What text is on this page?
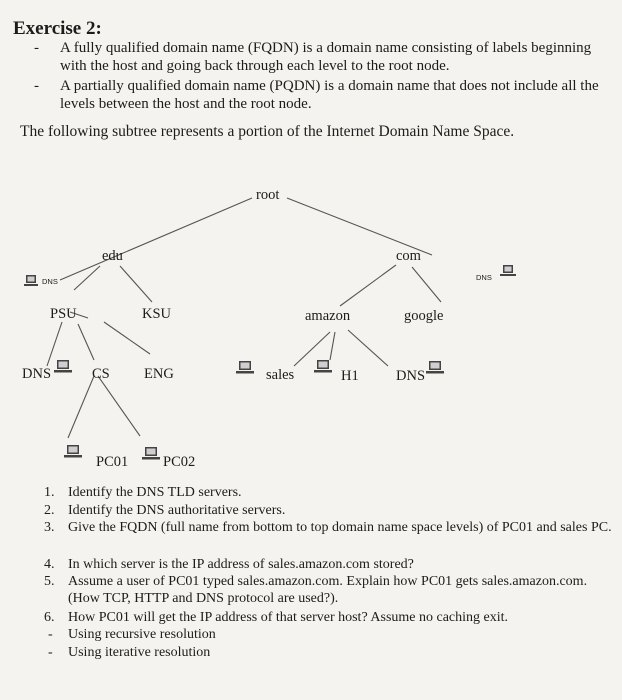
Exercise 2:
- A fully qualified domain name (FQDN) is a domain name consisting of labels beginning with the host and going back through each level to the root node.
- A partially qualified domain name (PQDN) is a domain name that does not include all the levels between the host and the root node.
The following subtree represents a portion of the Internet Domain Name Space.
root
edu	com
DNS	DNS
PSU	KSU	amazon	google
DNS	CS ENG	sales	H1	DNS
PC01 PC02
1. Identify the DNS TLD servers.
2. Identify the DNS authoritative servers.
3. Give the FQDN (full name from bottom to top domain name space levels) of PC01 and sales PC.
4. In which server is the IP address of sales.amazon.com stored?
5. Assume a user of PC01 typed sales.amazon.com. Explain how PC01 gets sales.amazon.com. (How TCP, HTTP and DNS protocol are used?).
6. How PC01 will get the IP address of that server host? Assume no caching exit.
- Using recursive resolution
- Using iterative resolution
